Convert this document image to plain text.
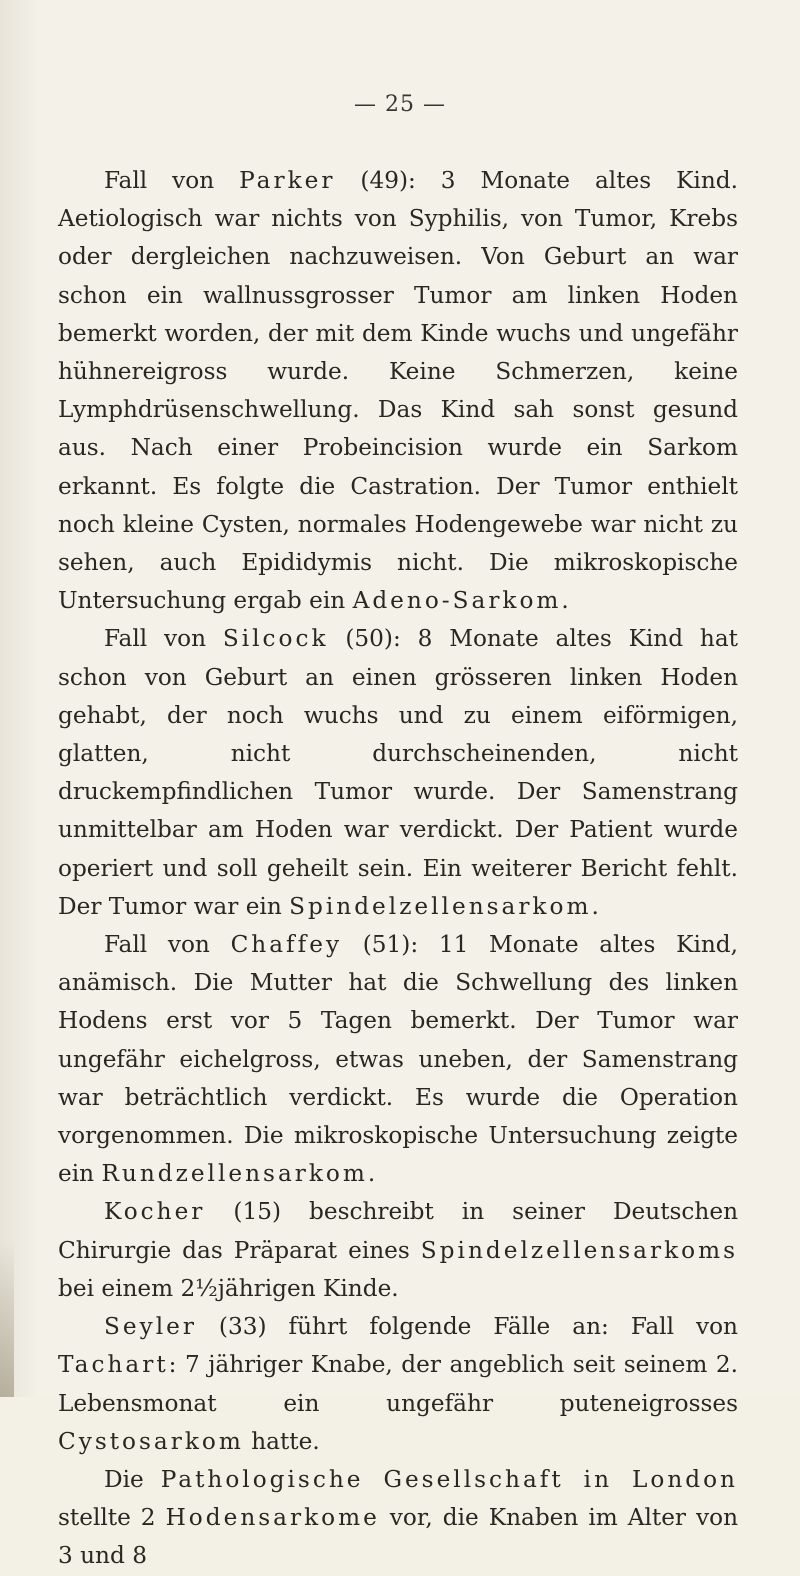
— 25 —

Fall von Parker (49): 3 Monate altes Kind. Aetiologisch war nichts von Syphilis, von Tumor, Krebs oder dergleichen nachzuweisen. Von Geburt an war schon ein wallnussgrosser Tumor am linken Hoden bemerkt worden, der mit dem Kinde wuchs und ungefähr hühnereigross wurde. Keine Schmerzen, keine Lymphdrüsenschwellung. Das Kind sah sonst gesund aus. Nach einer Probeincision wurde ein Sarkom erkannt. Es folgte die Castration. Der Tumor enthielt noch kleine Cysten, normales Hodengewebe war nicht zu sehen, auch Epididymis nicht. Die mikroskopische Untersuchung ergab ein Adeno-Sarkom.

Fall von Silcock (50): 8 Monate altes Kind hat schon von Geburt an einen grösseren linken Hoden gehabt, der noch wuchs und zu einem eiförmigen, glatten, nicht durchscheinenden, nicht druckempfindlichen Tumor wurde. Der Samenstrang unmittelbar am Hoden war verdickt. Der Patient wurde operiert und soll geheilt sein. Ein weiterer Bericht fehlt. Der Tumor war ein Spindelzellensarkom.

Fall von Chaffey (51): 11 Monate altes Kind, anämisch. Die Mutter hat die Schwellung des linken Hodens erst vor 5 Tagen bemerkt. Der Tumor war ungefähr eichelgross, etwas uneben, der Samenstrang war beträchtlich verdickt. Es wurde die Operation vorgenommen. Die mikroskopische Untersuchung zeigte ein Rundzellensarkom.

Kocher (15) beschreibt in seiner Deutschen Chirurgie das Präparat eines Spindelzellensarkoms bei einem 2½jährigen Kinde.

Seyler (33) führt folgende Fälle an: Fall von Tachart: 7 jähriger Knabe, der angeblich seit seinem 2. Lebensmonat ein ungefähr puteneigrosses Cystosarkom hatte.

Die Pathologische Gesellschaft in London stellte 2 Hodensarkome vor, die Knaben im Alter von 3 und 8
